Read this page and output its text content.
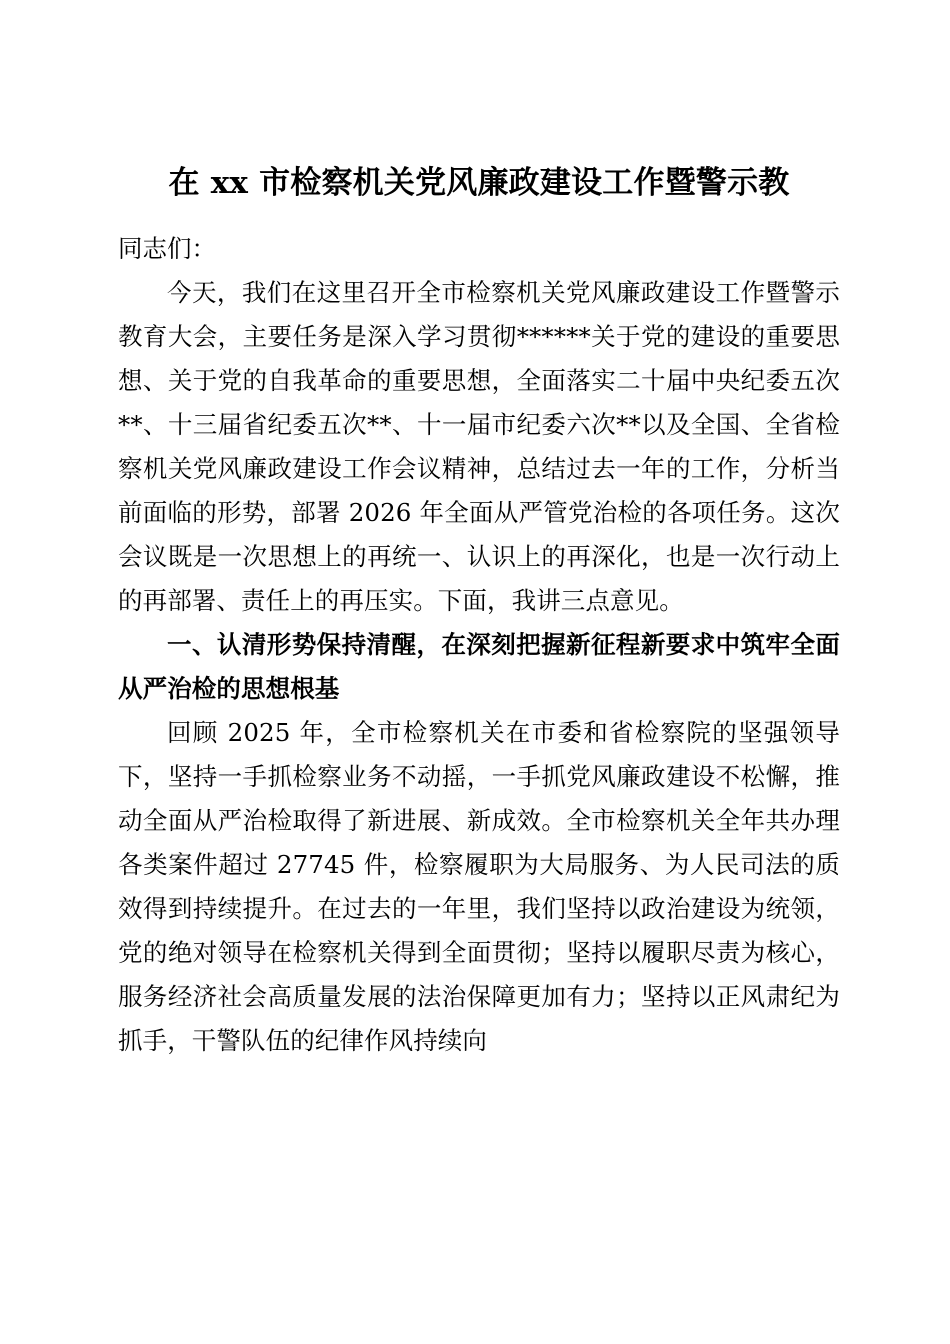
在 xx 市检察机关党风廉政建设工作暨警示教

同志们：

今天，我们在这里召开全市检察机关党风廉政建设工作暨警示教育大会，主要任务是深入学习贯彻******关于党的建设的重要思想、关于党的自我革命的重要思想，全面落实二十届中央纪委五次**、十三届省纪委五次**、十一届市纪委六次**以及全国、全省检察机关党风廉政建设工作会议精神，总结过去一年的工作，分析当前面临的形势，部署 2026 年全面从严管党治检的各项任务。这次会议既是一次思想上的再统一、认识上的再深化，也是一次行动上的再部署、责任上的再压实。下面，我讲三点意见。

一、认清形势保持清醒，在深刻把握新征程新要求中筑牢全面从严治检的思想根基

回顾 2025 年，全市检察机关在市委和省检察院的坚强领导下，坚持一手抓检察业务不动摇，一手抓党风廉政建设不松懈，推动全面从严治检取得了新进展、新成效。全市检察机关全年共办理各类案件超过 27745 件，检察履职为大局服务、为人民司法的质效得到持续提升。在过去的一年里，我们坚持以政治建设为统领，党的绝对领导在检察机关得到全面贯彻；坚持以履职尽责为核心，服务经济社会高质量发展的法治保障更加有力；坚持以正风肃纪为抓手，干警队伍的纪律作风持续向
